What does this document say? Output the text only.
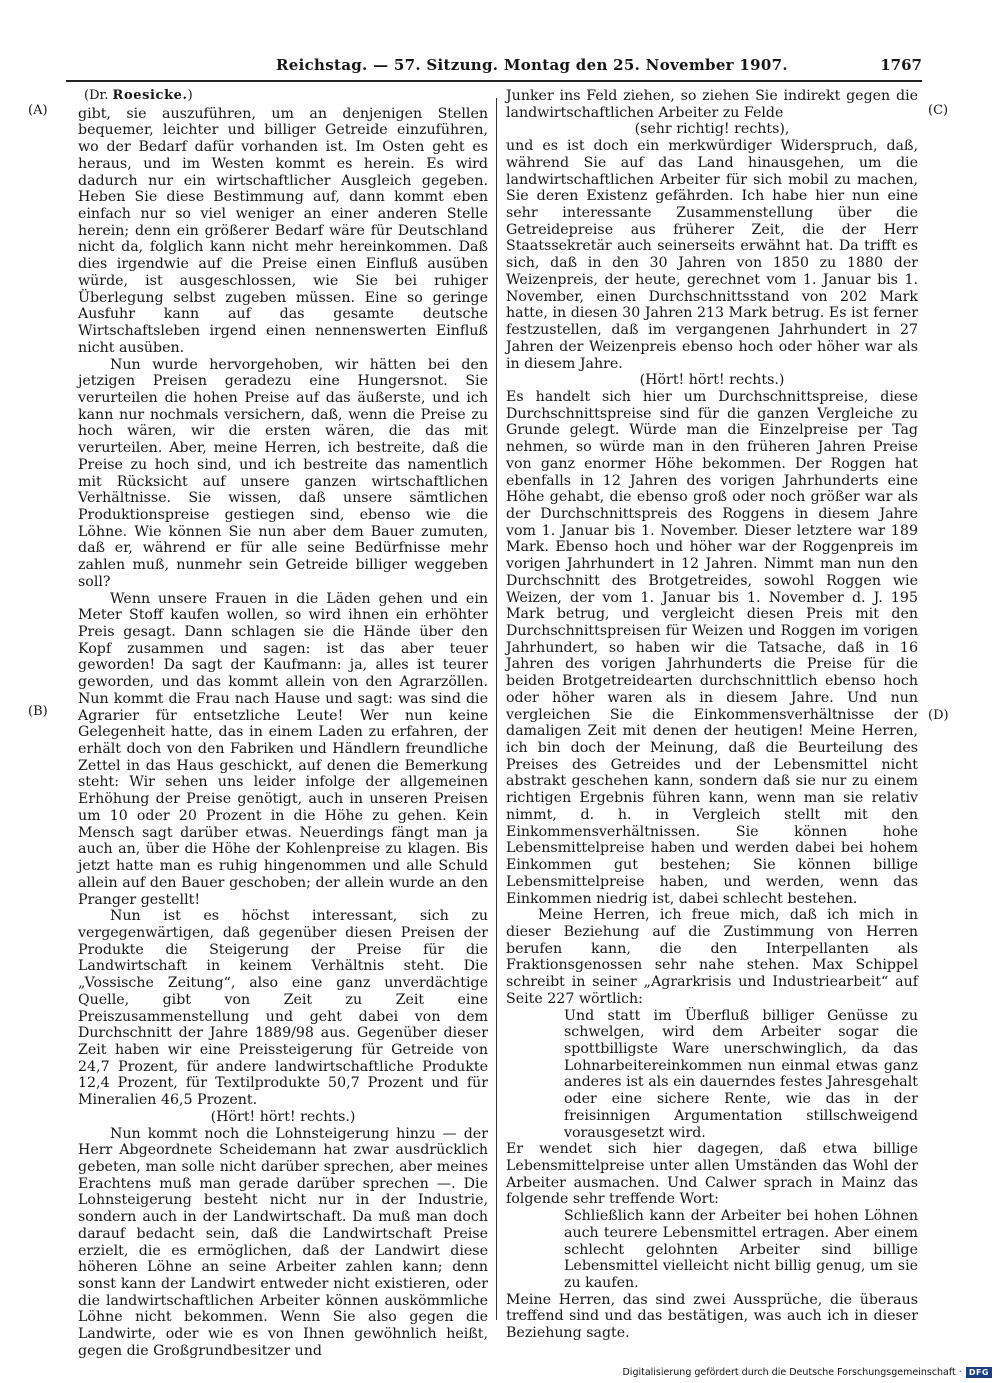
Reichstag. — 57. Sitzung. Montag den 25. November 1907.	1767
(A)
(B)
(C)
(D)
(Dr. Roesicke.)

gibt, sie auszuführen, um an denjenigen Stellen bequemer, leichter und billiger Getreide einzuführen, wo der Bedarf dafür vorhanden ist. Im Osten geht es heraus, und im Westen kommt es herein. Es wird dadurch nur ein wirtschaftlicher Ausgleich gegeben. Heben Sie diese Bestimmung auf, dann kommt eben einfach nur so viel weniger an einer anderen Stelle herein; denn ein größerer Bedarf wäre für Deutschland nicht da, folglich kann nicht mehr hereinkommen. Daß dies irgendwie auf die Preise einen Einfluß ausüben würde, ist ausgeschlossen, wie Sie bei ruhiger Überlegung selbst zugeben müssen. Eine so geringe Ausfuhr kann auf das gesamte deutsche Wirtschaftsleben irgend einen nennenswerten Einfluß nicht ausüben.

Nun wurde hervorgehoben, wir hätten bei den jetzigen Preisen geradezu eine Hungersnot. Sie verurteilen die hohen Preise auf das äußerste, und ich kann nur nochmals versichern, daß, wenn die Preise zu hoch wären, wir die ersten wären, die das mit verurteilen. Aber, meine Herren, ich bestreite, daß die Preise zu hoch sind, und ich bestreite das namentlich mit Rücksicht auf unsere ganzen wirtschaftlichen Verhältnisse. Sie wissen, daß unsere sämtlichen Produktionspreise gestiegen sind, ebenso wie die Löhne. Wie können Sie nun aber dem Bauer zumuten, daß er, während er für alle seine Bedürfnisse mehr zahlen muß, nunmehr sein Getreide billiger weggeben soll?

Wenn unsere Frauen in die Läden gehen und ein Meter Stoff kaufen wollen, so wird ihnen ein erhöhter Preis gesagt. Dann schlagen sie die Hände über den Kopf zusammen und sagen: ist das aber teuer geworden! Da sagt der Kaufmann: ja, alles ist teurer geworden, und das kommt allein von den Agrarzöllen. Nun kommt die Frau nach Hause und sagt: was sind die Agrarier für entsetzliche Leute! Wer nun keine Gelegenheit hatte, das in einem Laden zu erfahren, der erhält doch von den Fabriken und Händlern freundliche Zettel in das Haus geschickt, auf denen die Bemerkung steht: Wir sehen uns leider infolge der allgemeinen Erhöhung der Preise genötigt, auch in unseren Preisen um 10 oder 20 Prozent in die Höhe zu gehen. Kein Mensch sagt darüber etwas. Neuerdings fängt man ja auch an, über die Höhe der Kohlenpreise zu klagen. Bis jetzt hatte man es ruhig hingenommen und alle Schuld allein auf den Bauer geschoben; der allein wurde an den Pranger gestellt!

Nun ist es höchst interessant, sich zu vergegenwärtigen, daß gegenüber diesen Preisen der Produkte die Steigerung der Preise für die Landwirtschaft in keinem Verhältnis steht. Die „Vossische Zeitung“, also eine ganz unverdächtige Quelle, gibt von Zeit zu Zeit eine Preiszusammenstellung und geht dabei von dem Durchschnitt der Jahre 1889/98 aus. Gegenüber dieser Zeit haben wir eine Preissteigerung für Getreide von 24,7 Prozent, für andere landwirtschaftliche Produkte 12,4 Prozent, für Textilprodukte 50,7 Prozent und für Mineralien 46,5 Prozent.

(Hört! hört! rechts.)

Nun kommt noch die Lohnsteigerung hinzu — der Herr Abgeordnete Scheidemann hat zwar ausdrücklich gebeten, man solle nicht darüber sprechen, aber meines Erachtens muß man gerade darüber sprechen —. Die Lohnsteigerung besteht nicht nur in der Industrie, sondern auch in der Landwirtschaft. Da muß man doch darauf bedacht sein, daß die Landwirtschaft Preise erzielt, die es ermöglichen, daß der Landwirt diese höheren Löhne an seine Arbeiter zahlen kann; denn sonst kann der Landwirt entweder nicht existieren, oder die landwirtschaftlichen Arbeiter können auskömmliche Löhne nicht bekommen. Wenn Sie also gegen die Landwirte, oder wie es von Ihnen gewöhnlich heißt, gegen die Großgrundbesitzer und

Junker ins Feld ziehen, so ziehen Sie indirekt gegen die landwirtschaftlichen Arbeiter zu Felde

(sehr richtig! rechts),

und es ist doch ein merkwürdiger Widerspruch, daß, während Sie auf das Land hinausgehen, um die landwirtschaftlichen Arbeiter für sich mobil zu machen, Sie deren Existenz gefährden. Ich habe hier nun eine sehr interessante Zusammenstellung über die Getreidepreise aus früherer Zeit, die der Herr Staatssekretär auch seinerseits erwähnt hat. Da trifft es sich, daß in den 30 Jahren von 1850 zu 1880 der Weizenpreis, der heute, gerechnet vom 1. Januar bis 1. November, einen Durchschnittsstand von 202 Mark hatte, in diesen 30 Jahren 213 Mark betrug. Es ist ferner festzustellen, daß im vergangenen Jahrhundert in 27 Jahren der Weizenpreis ebenso hoch oder höher war als in diesem Jahre.

(Hört! hört! rechts.)

Es handelt sich hier um Durchschnittspreise, diese Durchschnittspreise sind für die ganzen Vergleiche zu Grunde gelegt. Würde man die Einzelpreise per Tag nehmen, so würde man in den früheren Jahren Preise von ganz enormer Höhe bekommen. Der Roggen hat ebenfalls in 12 Jahren des vorigen Jahrhunderts eine Höhe gehabt, die ebenso groß oder noch größer war als der Durchschnittspreis des Roggens in diesem Jahre vom 1. Januar bis 1. November. Dieser letztere war 189 Mark. Ebenso hoch und höher war der Roggenpreis im vorigen Jahrhundert in 12 Jahren. Nimmt man nun den Durchschnitt des Brotgetreides, sowohl Roggen wie Weizen, der vom 1. Januar bis 1. November d. J. 195 Mark betrug, und vergleicht diesen Preis mit den Durchschnittspreisen für Weizen und Roggen im vorigen Jahrhundert, so haben wir die Tatsache, daß in 16 Jahren des vorigen Jahrhunderts die Preise für die beiden Brotgetreidearten durchschnittlich ebenso hoch oder höher waren als in diesem Jahre. Und nun vergleichen Sie die Einkommensverhältnisse der damaligen Zeit mit denen der heutigen! Meine Herren, ich bin doch der Meinung, daß die Beurteilung des Preises des Getreides und der Lebensmittel nicht abstrakt geschehen kann, sondern daß sie nur zu einem richtigen Ergebnis führen kann, wenn man sie relativ nimmt, d. h. in Vergleich stellt mit den Einkommensverhältnissen. Sie können hohe Lebensmittelpreise haben und werden dabei bei hohem Einkommen gut bestehen; Sie können billige Lebensmittelpreise haben, und werden, wenn das Einkommen niedrig ist, dabei schlecht bestehen.

Meine Herren, ich freue mich, daß ich mich in dieser Beziehung auf die Zustimmung von Herren berufen kann, die den Interpellanten als Fraktionsgenossen sehr nahe stehen. Max Schippel schreibt in seiner „Agrarkrisis und Industriearbeit“ auf Seite 227 wörtlich:

Und statt im Überfluß billiger Genüsse zu schwelgen, wird dem Arbeiter sogar die spottbilligste Ware unerschwinglich, da das Lohnarbeitereinkommen nun einmal etwas ganz anderes ist als ein dauerndes festes Jahresgehalt oder eine sichere Rente, wie das in der freisinnigen Argumentation stillschweigend vorausgesetzt wird.

Er wendet sich hier dagegen, daß etwa billige Lebensmittelpreise unter allen Umständen das Wohl der Arbeiter ausmachen. Und Calwer sprach in Mainz das folgende sehr treffende Wort:

Schließlich kann der Arbeiter bei hohen Löhnen auch teurere Lebensmittel ertragen. Aber einem schlecht gelohnten Arbeiter sind billige Lebensmittel vielleicht nicht billig genug, um sie zu kaufen.

Meine Herren, das sind zwei Aussprüche, die überaus treffend sind und das bestätigen, was auch ich in dieser Beziehung sagte.

Digitalisierung gefördert durch die Deutsche Forschungsgemeinschaft · DFG
